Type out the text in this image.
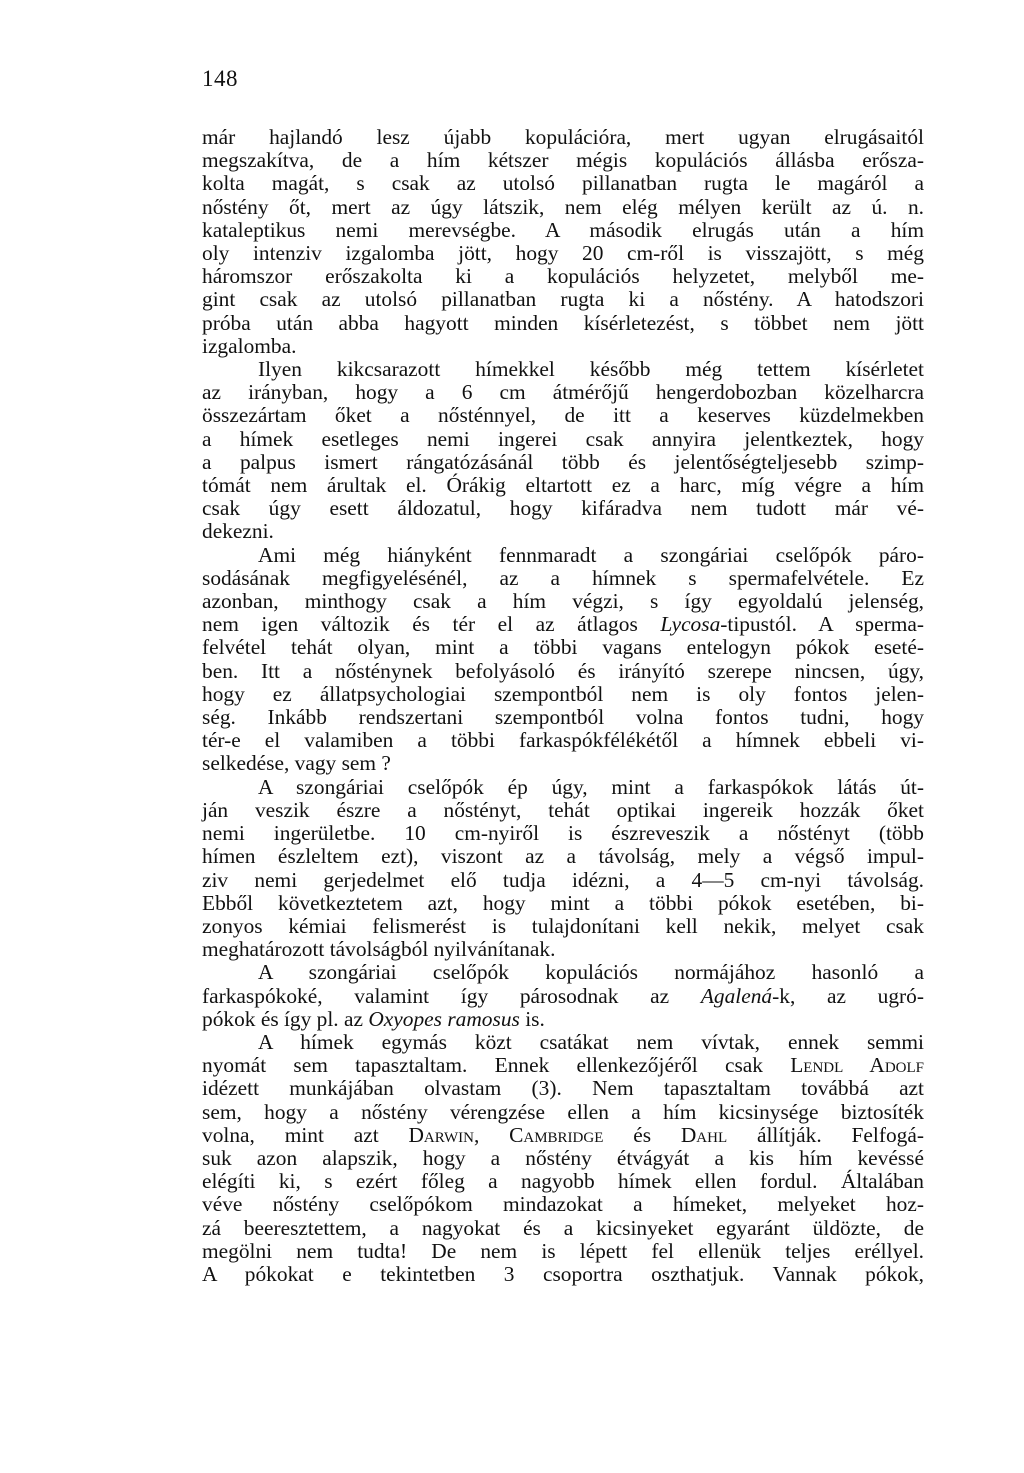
148
már hajlandó lesz újabb kopulációra, mert ugyan elrugásaitól
megszakítva, de a hím kétszer mégis kopulációs állásba erősza-
kolta magát, s csak az utolsó pillanatban rugta le magáról a
nőstény őt, mert az úgy látszik, nem elég mélyen került az ú. n.
kataleptikus nemi merevségbe. A második elrugás után a hím
oly intenziv izgalomba jött, hogy 20 cm-ről is visszajött, s még
háromszor erőszakolta ki a kopulációs helyzetet, melyből me-
gint csak az utolsó pillanatban rugta ki a nőstény. A hatodszori
próba után abba hagyott minden kísérletezést, s többet nem jött
izgalomba.
Ilyen kikcsarazott hímekkel később még tettem kísérletet
az irányban, hogy a 6 cm átmérőjű hengerdobozban közelharcra
összezártam őket a nősténnyel, de itt a keserves küzdelmekben
a hímek esetleges nemi ingerei csak annyira jelentkeztek, hogy
a palpus ismert rángatózásánál több és jelentőségteljesebb szimp-
tómát nem árultak el. Órákig eltartott ez a harc, míg végre a hím
csak úgy esett áldozatul, hogy kifáradva nem tudott már vé-
dekezni.
Ami még hiányként fennmaradt a szongáriai cselőpók páro-
sodásának megfigyelésénél, az a hímnek s spermafelvétele. Ez
azonban, minthogy csak a hím végzi, s így egyoldalú jelenség,
nem igen változik és tér el az átlagos Lycosa-tipustól. A sperma-
felvétel tehát olyan, mint a többi vagans entelogyn pókok eseté-
ben. Itt a nősténynek befolyásoló és irányító szerepe nincsen, úgy,
hogy ez állatpsychologiai szempontból nem is oly fontos jelen-
ség. Inkább rendszertani szempontból volna fontos tudni, hogy
tér-e el valamiben a többi farkaspókfélékétől a hímnek ebbeli vi-
selkedése, vagy sem ?
A szongáriai cselőpók ép úgy, mint a farkaspókok látás út-
ján veszik észre a nőstényt, tehát optikai ingereik hozzák őket
nemi ingerületbe. 10 cm-nyiről is észreveszik a nőstényt (több
hímen észleltem ezt), viszont az a távolság, mely a végső impul-
ziv nemi gerjedelmet elő tudja idézni, a 4—5 cm-nyi távolság.
Ebből következtetem azt, hogy mint a többi pókok esetében, bi-
zonyos kémiai felismerést is tulajdonítani kell nekik, melyet csak
meghatározott távolságból nyilvánítanak.
A szongáriai cselőpók kopulációs normájához hasonló a
farkaspókoké, valamint így párosodnak az Agalená-k, az ugró-
pókok és így pl. az Oxyopes ramosus is.
A hímek egymás közt csatákat nem vívtak, ennek semmi
nyomát sem tapasztaltam. Ennek ellenkezőjéről csak Lendl Adolf
idézett munkájában olvastam (3). Nem tapasztaltam továbbá azt
sem, hogy a nőstény vérengzése ellen a hím kicsinysége biztosíték
volna, mint azt Darwin, Cambridge és Dahl állítják. Felfogá-
suk azon alapszik, hogy a nőstény étvágyát a kis hím kevéssé
elégíti ki, s ezért főleg a nagyobb hímek ellen fordul. Általában
véve nőstény cselőpókom mindazokat a hímeket, melyeket hoz-
zá beeresztettem, a nagyokat és a kicsinyeket egyaránt üldözte, de
megölni nem tudta! De nem is lépett fel ellenük teljes eréllyel.
A pókokat e tekintetben 3 csoportra oszthatjuk. Vannak pókok,
